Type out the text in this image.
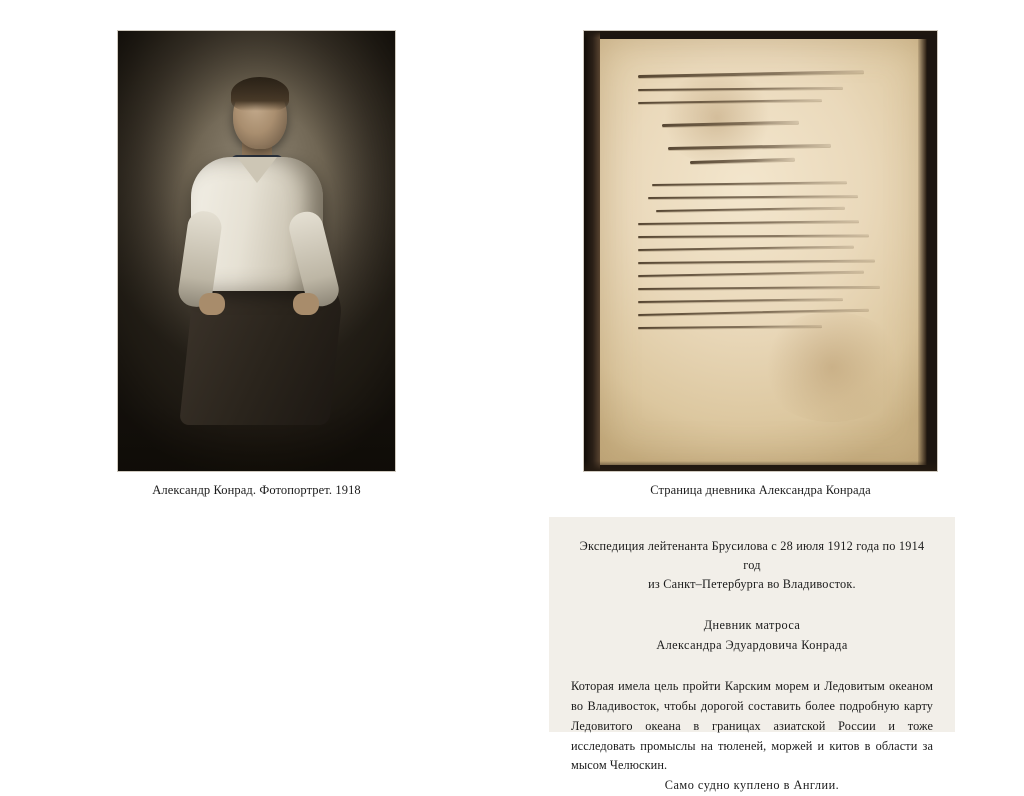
Александр Конрад. Фотопортрет. 1918	Страница дневника Александра Конрада
Экспедиция лейтенанта Брусилова с 28 июля 1912 года по 1914 год
из Санкт–Петербурга во Владивосток.
Дневник матроса
Александра Эдуардовича Конрада
Которая имела цель пройти Карским морем и Ледовитым океаном во Владивосток, чтобы дорогой составить более подробную карту Ледовитого океана в границах азиатской России и тоже исследовать промыслы на тюленей, моржей и китов в области за мысом Челюскин.
Само судно куплено в Англии.
